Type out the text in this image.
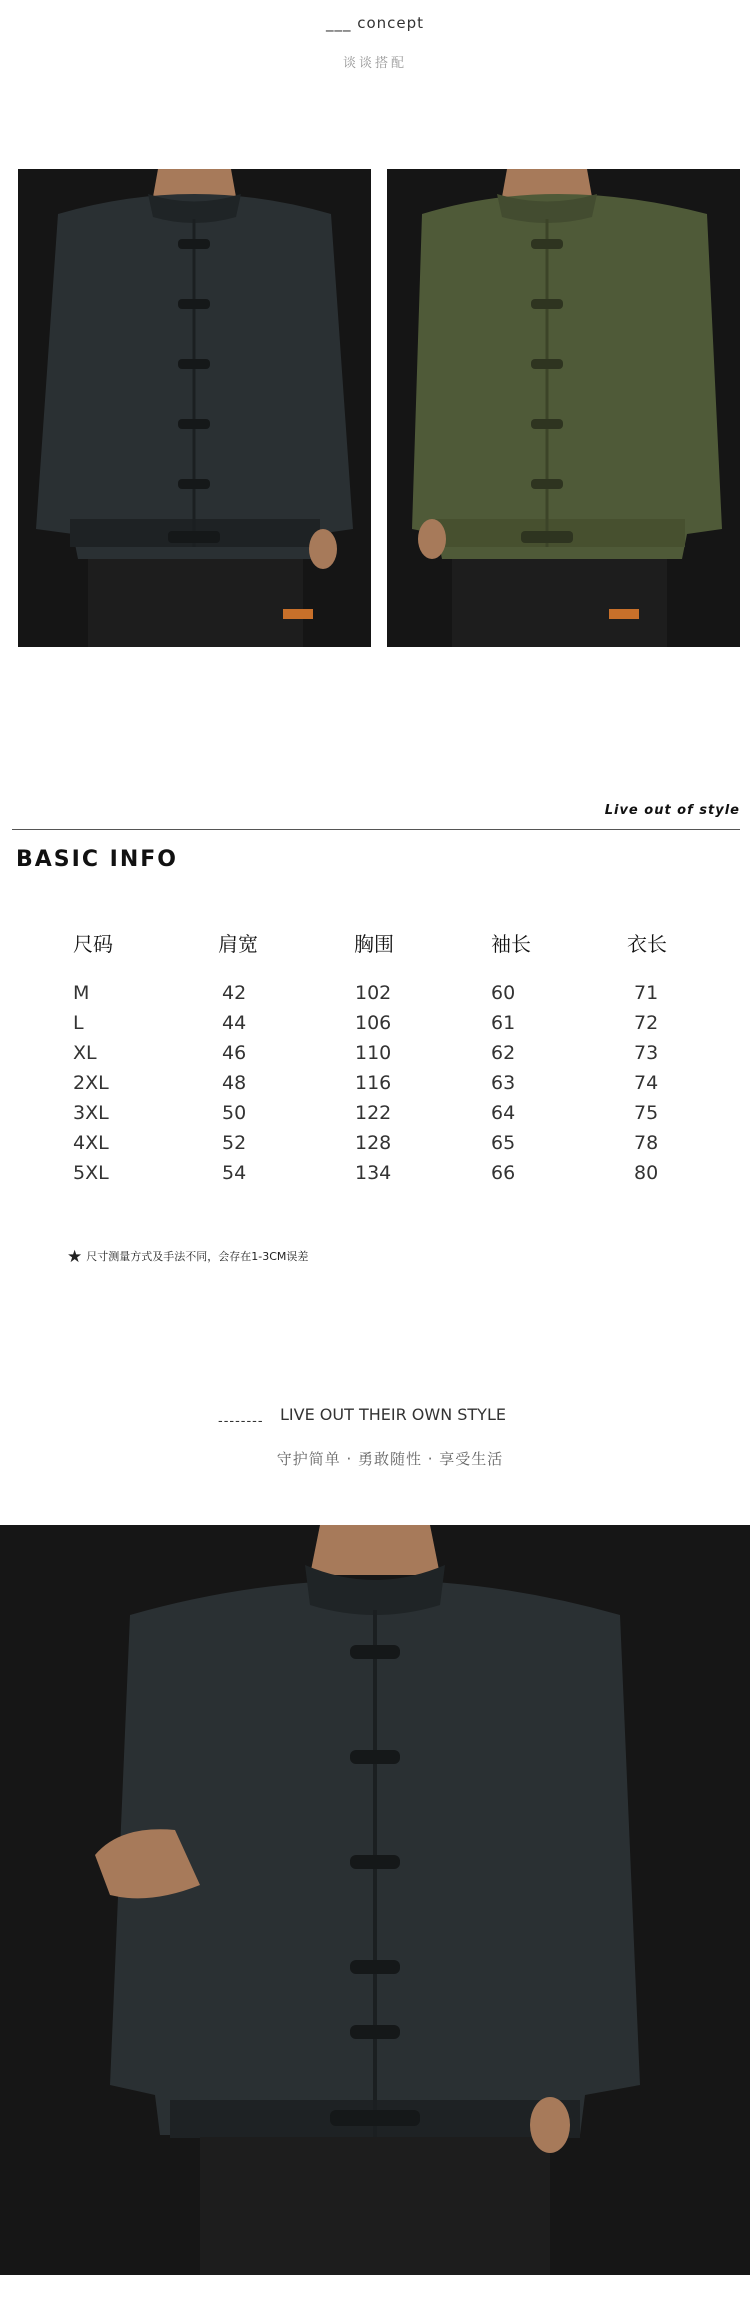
___ concept
谈谈搭配
Live out of style
BASIC INFO
尺码	肩宽	胸围	袖长	衣长
M	42	102	60	71
L	44	106	61	72
XL	46	110	62	73
2XL	48	116	63	74
3XL	50	122	64	75
4XL	52	128	65	78
5XL	54	134	66	80
★ 尺寸测量方式及手法不同，会存在1-3CM误差
-------- LIVE OUT THEIR OWN STYLE
守护简单 · 勇敢随性 · 享受生活
